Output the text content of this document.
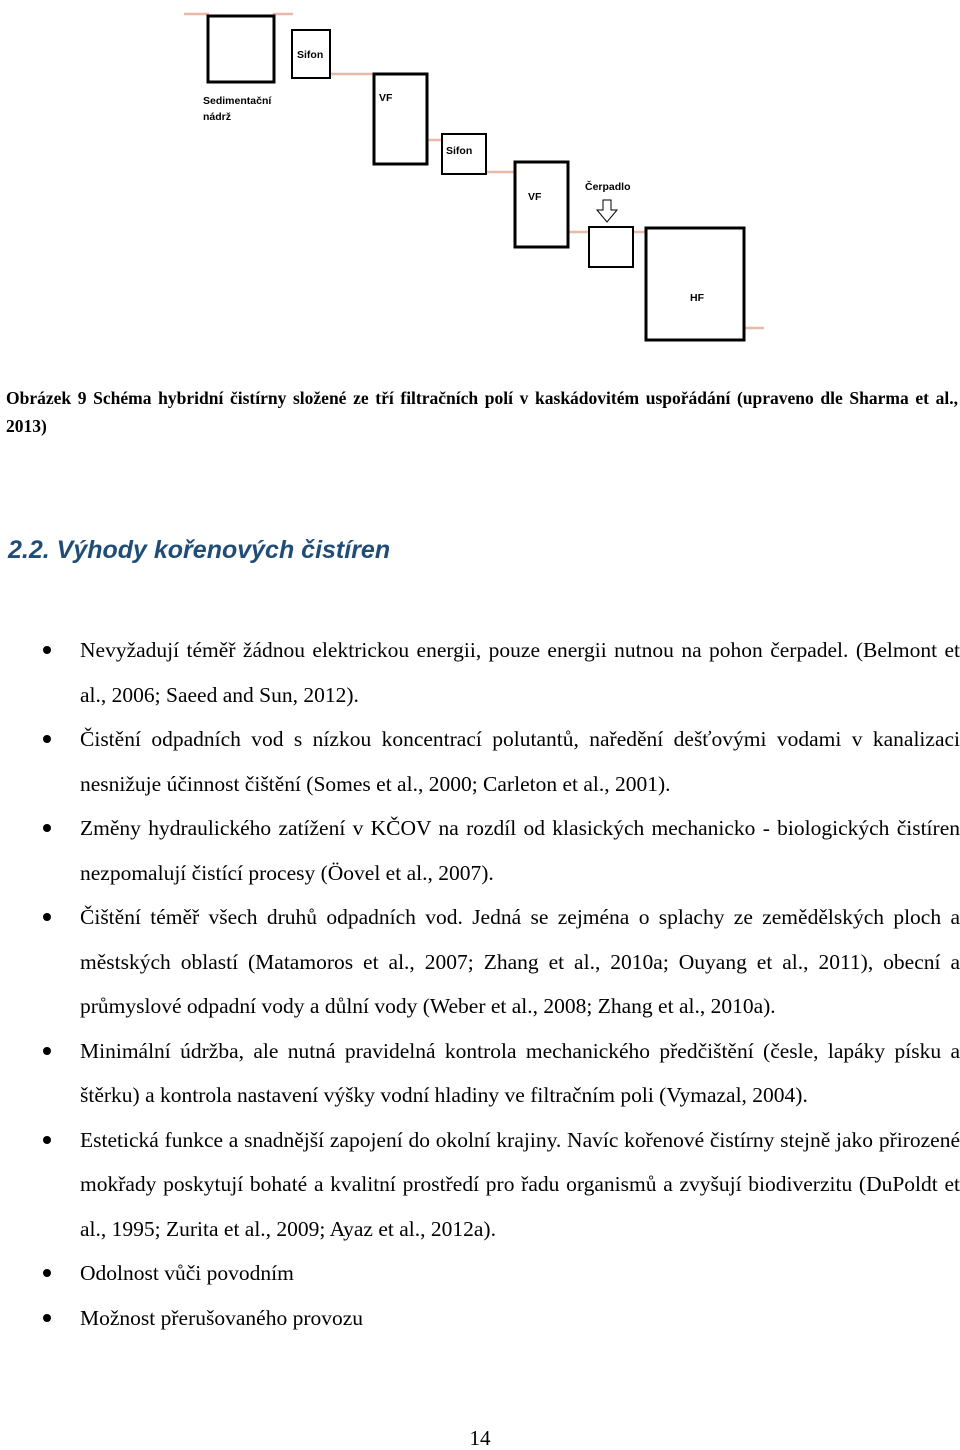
Sifon
Sedimentační
nádrž
VF
Sifon
VF
Čerpadlo
HF

Obrázek 9 Schéma hybridní čistírny složené ze tří filtračních polí v kaskádovitém uspořádání (upraveno dle Sharma et al., 2013)

2.2. Výhody kořenových čistíren
Nevyžadují téměř žádnou elektrickou energii, pouze energii nutnou na pohon čerpadel. (Belmont et al., 2006; Saeed and Sun, 2012).
Čistění odpadních vod s nízkou koncentrací polutantů, naředění dešťovými vodami v kanalizaci nesnižuje účinnost čištění (Somes et al., 2000; Carleton et al., 2001).
Změny hydraulického zatížení v KČOV na rozdíl od klasických mechanicko - biologických čistíren nezpomalují čistící procesy (Öovel et al., 2007).
Čištění téměř všech druhů odpadních vod. Jedná se zejména o splachy ze zemědělských ploch a městských oblastí (Matamoros et al., 2007; Zhang et al., 2010a; Ouyang et al., 2011), obecní a průmyslové odpadní vody a důlní vody (Weber et al., 2008; Zhang et al., 2010a).
Minimální údržba, ale nutná pravidelná kontrola mechanického předčištění (česle, lapáky písku a štěrku) a kontrola nastavení výšky vodní hladiny ve filtračním poli (Vymazal, 2004).
Estetická funkce a snadnější zapojení do okolní krajiny. Navíc kořenové čistírny stejně jako přirozené mokřady poskytují bohaté a kvalitní prostředí pro řadu organismů a zvyšují biodiverzitu (DuPoldt et al., 1995; Zurita et al., 2009; Ayaz et al., 2012a).
Odolnost vůči povodním
Možnost přerušovaného provozu
14
